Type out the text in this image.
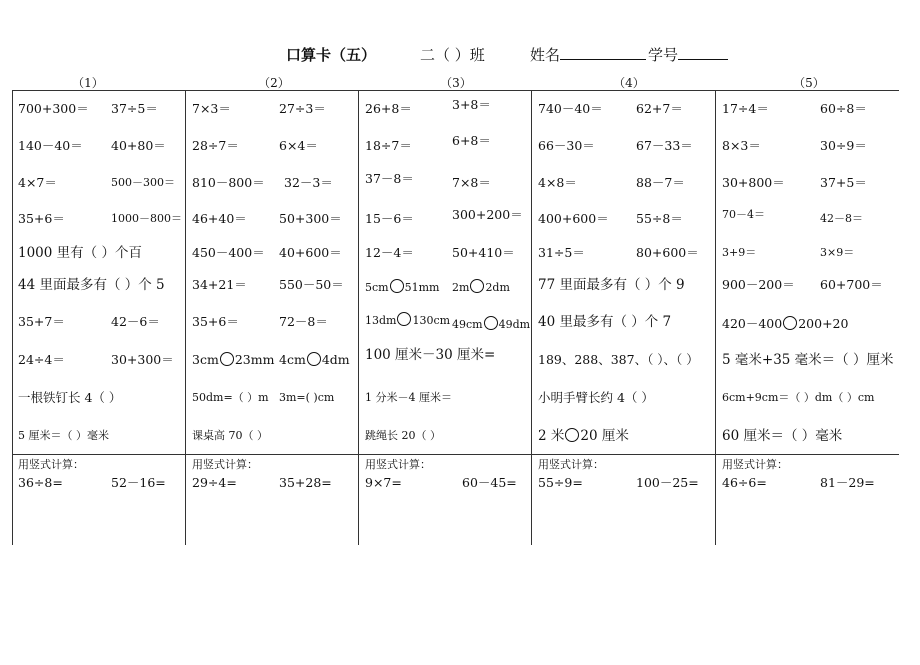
口算卡（五）	二（ ）班	姓名	学号
（1）	（2）	（3）	（4）	（5）
700+300＝ 37÷5＝
140－40＝ 40+80＝
4×7＝	500－300＝
35+6＝	1000－800＝
1000 里有（ ）个百
44 里面最多有（ ）个 5
35+7＝	42－6＝
24÷4＝	30+300＝
一根铁钉长 4（ ）
5 厘米＝（ ）毫米
7×3＝	27÷3＝
28÷7＝	6×4＝
810－800＝ 32－3＝
46+40＝	50+300＝
450－400＝ 40+600＝
34+21＝	550－50＝
35+6＝	72－8＝
3cm 23mm 4cm 4dm
50dm=（ ）m 3m=( )cm
课桌高 70（ ）
26+8＝	3+8＝
18÷7＝	6+8＝
37－8＝	7×8＝
15－6＝	300+200＝
12－4＝	50+410＝
5cm 51mm 2m 2dm
13dm 130cm 49cm 49dm
100 厘米－30 厘米=
1 分米－4 厘米＝
跳绳长 20（ ）
740－40＝	62+7＝
66－30＝	67－33＝
4×8＝	88－7＝
400+600＝ 55÷8＝
31÷5＝	80+600＝
77 里面最多有（ ）个 9
40 里最多有（ ）个 7
189、288、387、（ ）、（ ）
小明手臂长约 4（ ）
2 米 20 厘米
17÷4＝	60÷8＝
8×3＝	30÷9＝
30+800＝	37+5＝
70－4＝	42－8＝
3+9＝	3×9＝
900－200＝ 60+700＝
420－400 200+20
5 毫米+35 毫米＝（ ）厘米
6cm+9cm＝（ ）dm（ ）cm
60 厘米＝（ ）毫米
用竖式计算：
36÷8=	52－16=
用竖式计算：
29÷4=	35+28=
用竖式计算：
9×7=	60－45=
用竖式计算：
55÷9=	100－25=
用竖式计算：
46÷6=	81－29=
